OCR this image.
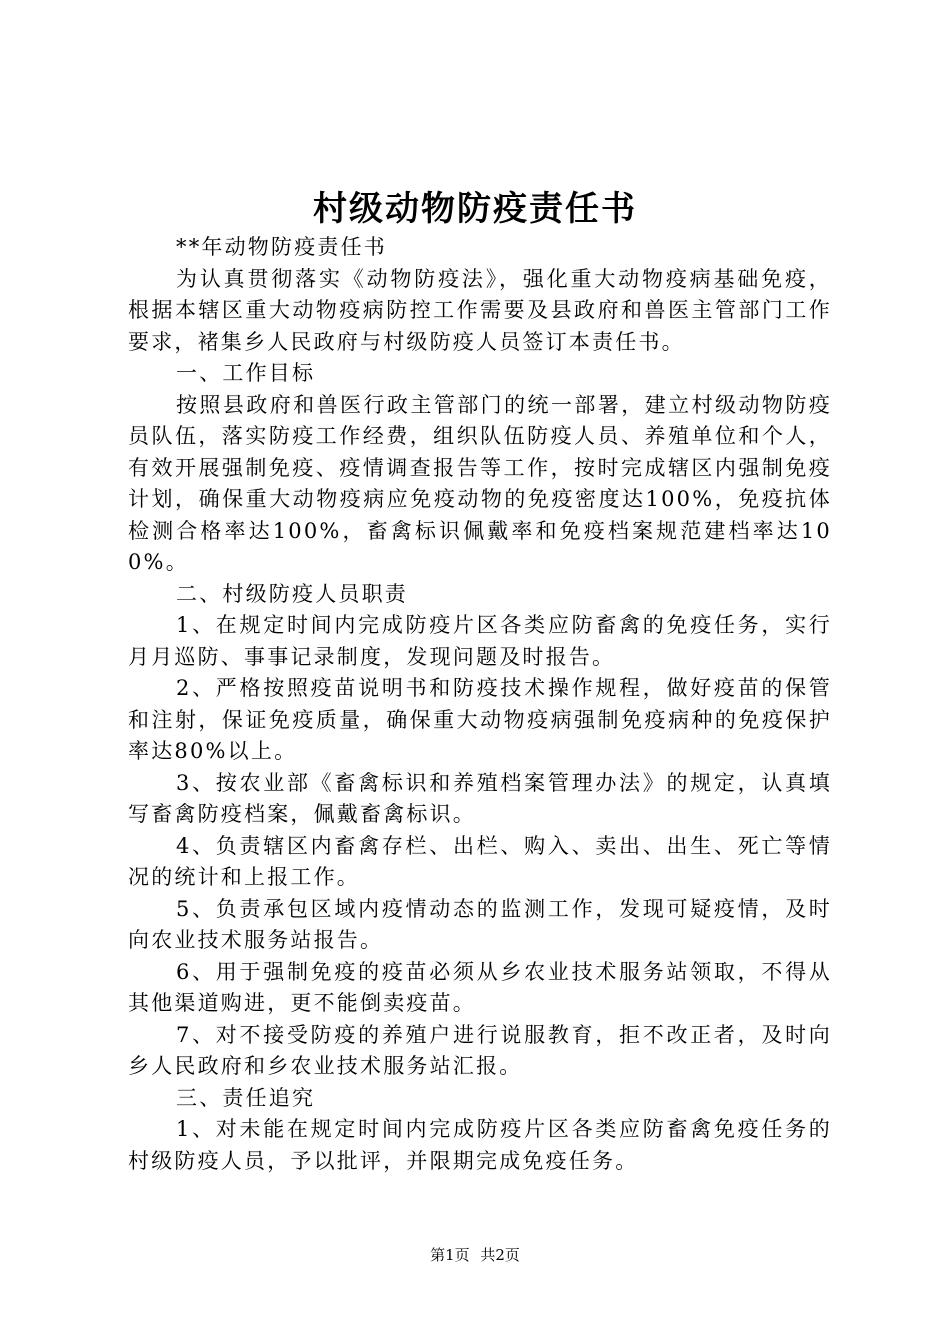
村级动物防疫责任书

**年动物防疫责任书

为认真贯彻落实《动物防疫法》，强化重大动物疫病基础免疫，根据本辖区重大动物疫病防控工作需要及县政府和兽医主管部门工作要求，褚集乡人民政府与村级防疫人员签订本责任书。

一、工作目标

按照县政府和兽医行政主管部门的统一部署，建立村级动物防疫员队伍，落实防疫工作经费，组织队伍防疫人员、养殖单位和个人，有效开展强制免疫、疫情调查报告等工作，按时完成辖区内强制免疫计划，确保重大动物疫病应免疫动物的免疫密度达100%，免疫抗体检测合格率达100%，畜禽标识佩戴率和免疫档案规范建档率达100%。

二、村级防疫人员职责

1、在规定时间内完成防疫片区各类应防畜禽的免疫任务，实行月月巡防、事事记录制度，发现问题及时报告。

2、严格按照疫苗说明书和防疫技术操作规程，做好疫苗的保管和注射，保证免疫质量，确保重大动物疫病强制免疫病种的免疫保护率达80%以上。

3、按农业部《畜禽标识和养殖档案管理办法》的规定，认真填写畜禽防疫档案，佩戴畜禽标识。

4、负责辖区内畜禽存栏、出栏、购入、卖出、出生、死亡等情况的统计和上报工作。

5、负责承包区域内疫情动态的监测工作，发现可疑疫情，及时向农业技术服务站报告。

6、用于强制免疫的疫苗必须从乡农业技术服务站领取，不得从其他渠道购进，更不能倒卖疫苗。

7、对不接受防疫的养殖户进行说服教育，拒不改正者，及时向乡人民政府和乡农业技术服务站汇报。

三、责任追究

1、对未能在规定时间内完成防疫片区各类应防畜禽免疫任务的村级防疫人员，予以批评，并限期完成免疫任务。

第1页 共2页
